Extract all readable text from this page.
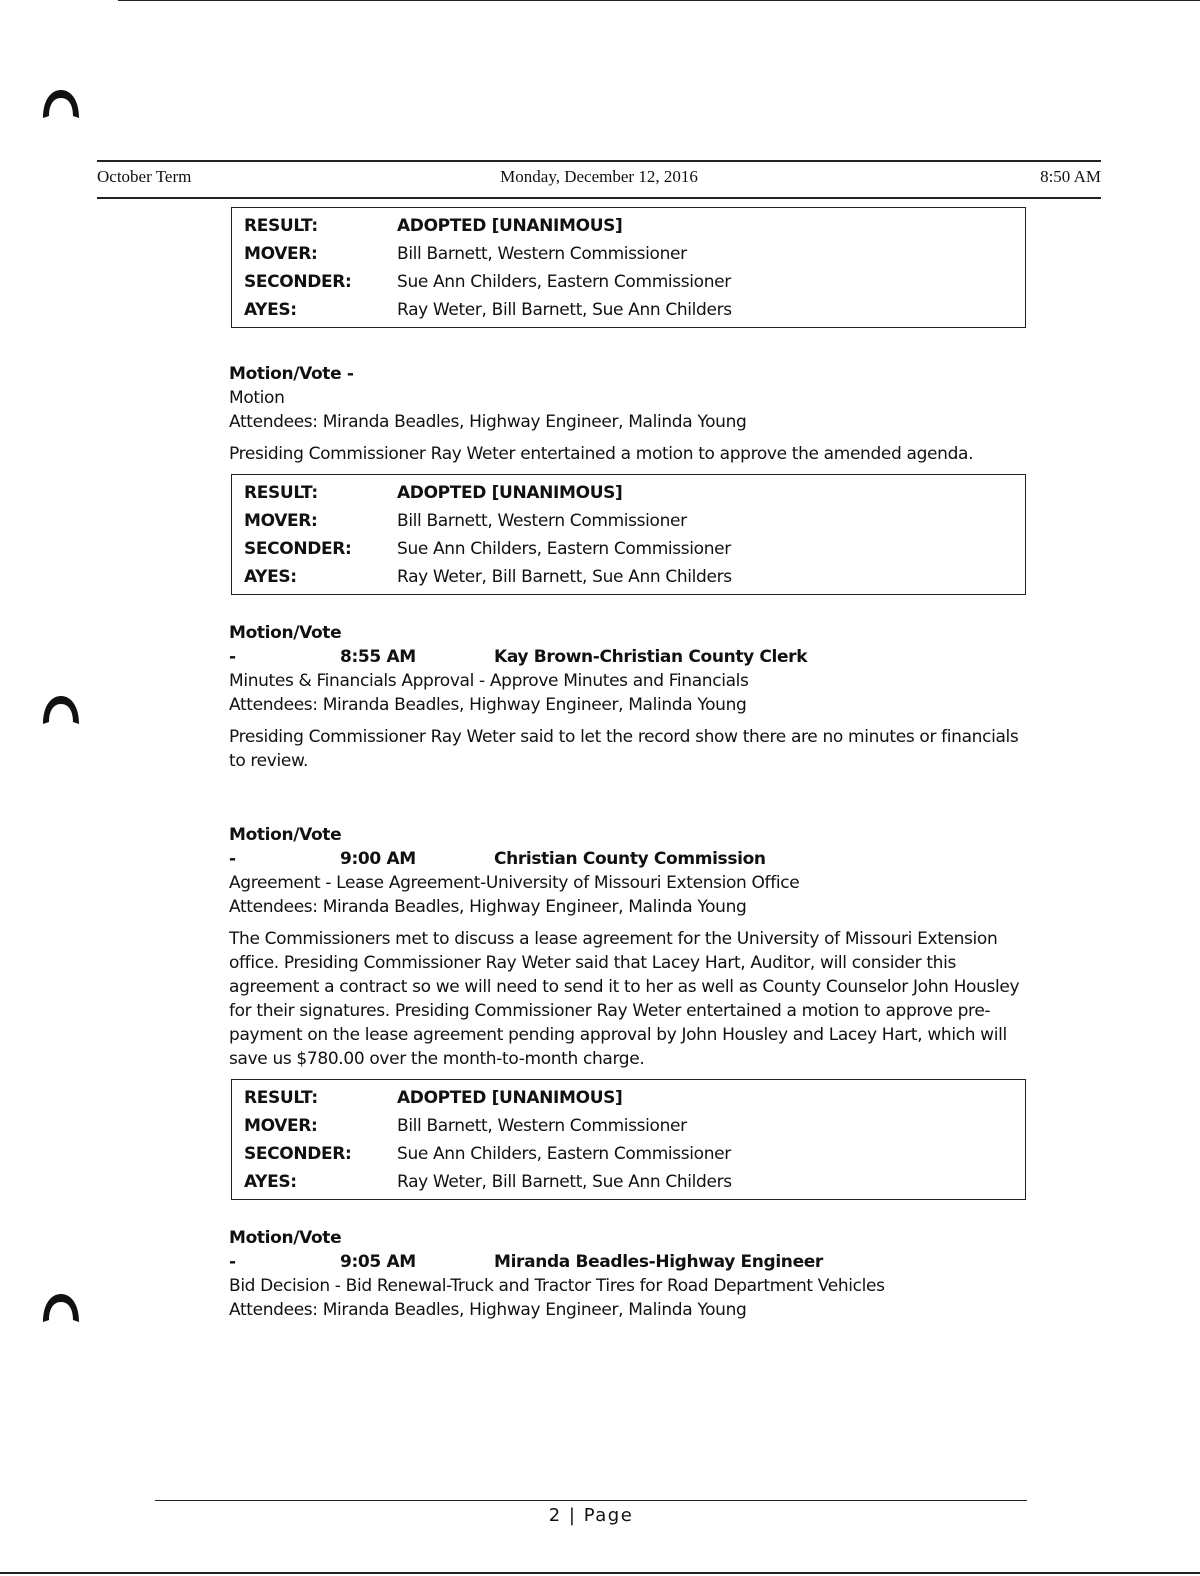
Monday, December 12, 2016
October Term	8:50 AM
RESULT:	ADOPTED [UNANIMOUS]
MOVER:	Bill Barnett, Western Commissioner
SECONDER:	Sue Ann Childers, Eastern Commissioner
AYES:	Ray Weter, Bill Barnett, Sue Ann Childers

Motion/Vote -

Motion

Attendees: Miranda Beadles, Highway Engineer, Malinda Young

Presiding Commissioner Ray Weter entertained a motion to approve the amended agenda.

RESULT:	ADOPTED [UNANIMOUS]
MOVER:	Bill Barnett, Western Commissioner
SECONDER:	Sue Ann Childers, Eastern Commissioner
AYES:	Ray Weter, Bill Barnett, Sue Ann Childers

Motion/Vote -	8:55 AM	Kay Brown-Christian County Clerk

Minutes & Financials Approval - Approve Minutes and Financials

Attendees: Miranda Beadles, Highway Engineer, Malinda Young

Presiding Commissioner Ray Weter said to let the record show there are no minutes or financials to review.

Motion/Vote -	9:00 AM	Christian County Commission

Agreement - Lease Agreement-University of Missouri Extension Office

Attendees: Miranda Beadles, Highway Engineer, Malinda Young

The Commissioners met to discuss a lease agreement for the University of Missouri Extension office. Presiding Commissioner Ray Weter said that Lacey Hart, Auditor, will consider this agreement a contract so we will need to send it to her as well as County Counselor John Housley for their signatures. Presiding Commissioner Ray Weter entertained a motion to approve pre-payment on the lease agreement pending approval by John Housley and Lacey Hart, which will save us $780.00 over the month-to-month charge.

RESULT:	ADOPTED [UNANIMOUS]
MOVER:	Bill Barnett, Western Commissioner
SECONDER:	Sue Ann Childers, Eastern Commissioner
AYES:	Ray Weter, Bill Barnett, Sue Ann Childers

Motion/Vote -	9:05 AM	Miranda Beadles-Highway Engineer

Bid Decision - Bid Renewal-Truck and Tractor Tires for Road Department Vehicles

Attendees: Miranda Beadles, Highway Engineer, Malinda Young

2 | Page
